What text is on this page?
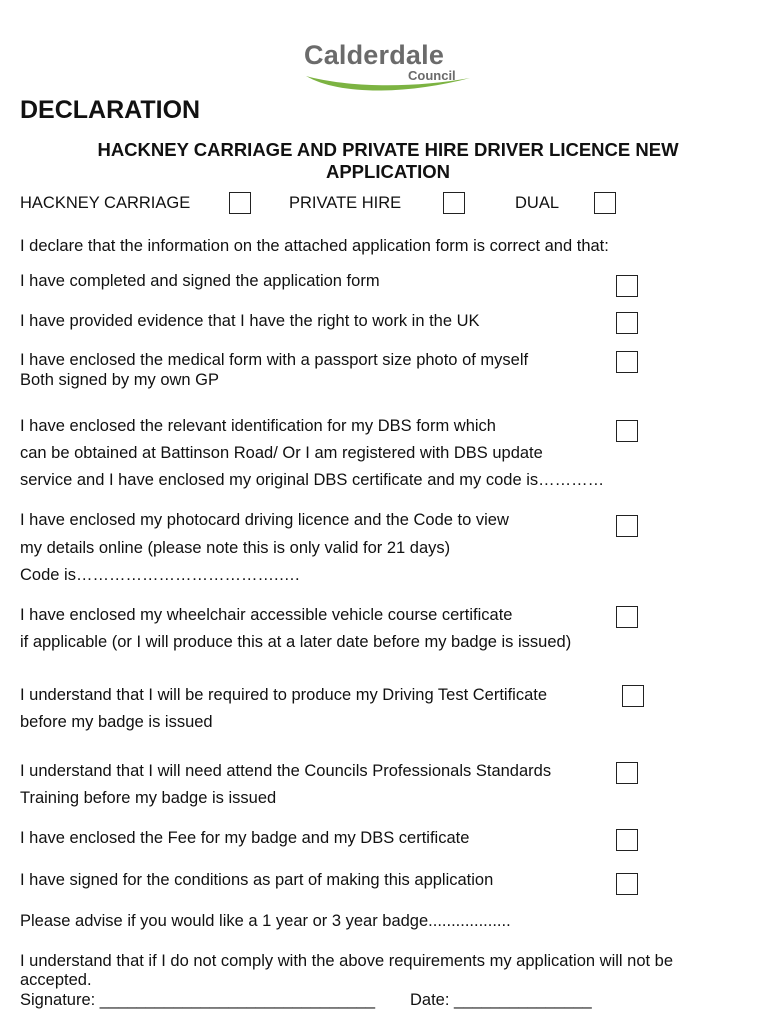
Calderdale
Council
DECLARATION
HACKNEY CARRIAGE AND PRIVATE HIRE DRIVER LICENCE NEW APPLICATION
HACKNEY CARRIAGE	PRIVATE HIRE	DUAL
I declare that the information on the attached application form is correct and that:
I have completed and signed the application form
I have provided evidence that I have the right to work in the UK
I have enclosed the medical form with a passport size photo of myself
Both signed by my own GP
I have enclosed the relevant identification for my DBS form which
can be obtained at Battinson Road/ Or I am registered with DBS update
service and I have enclosed my original DBS certificate and my code is…………
I have enclosed my photocard driving licence and the Code to view
my details online (please note this is only valid for 21 days)
Code is……………………………….….
I have enclosed my wheelchair accessible vehicle course certificate
if applicable (or I will produce this at a later date before my badge is issued)
I understand that I will be required to produce my Driving Test Certificate
before my badge is issued
I understand that I will need attend the Councils Professionals Standards
Training before my badge is issued
I have enclosed the Fee for my badge and my DBS certificate
I have signed for the conditions as part of making this application
Please advise if you would like a 1 year or 3 year badge..................
I understand that if I do not comply with the above requirements my application will not be
accepted.
Signature: ______________________________ Date: _______________
